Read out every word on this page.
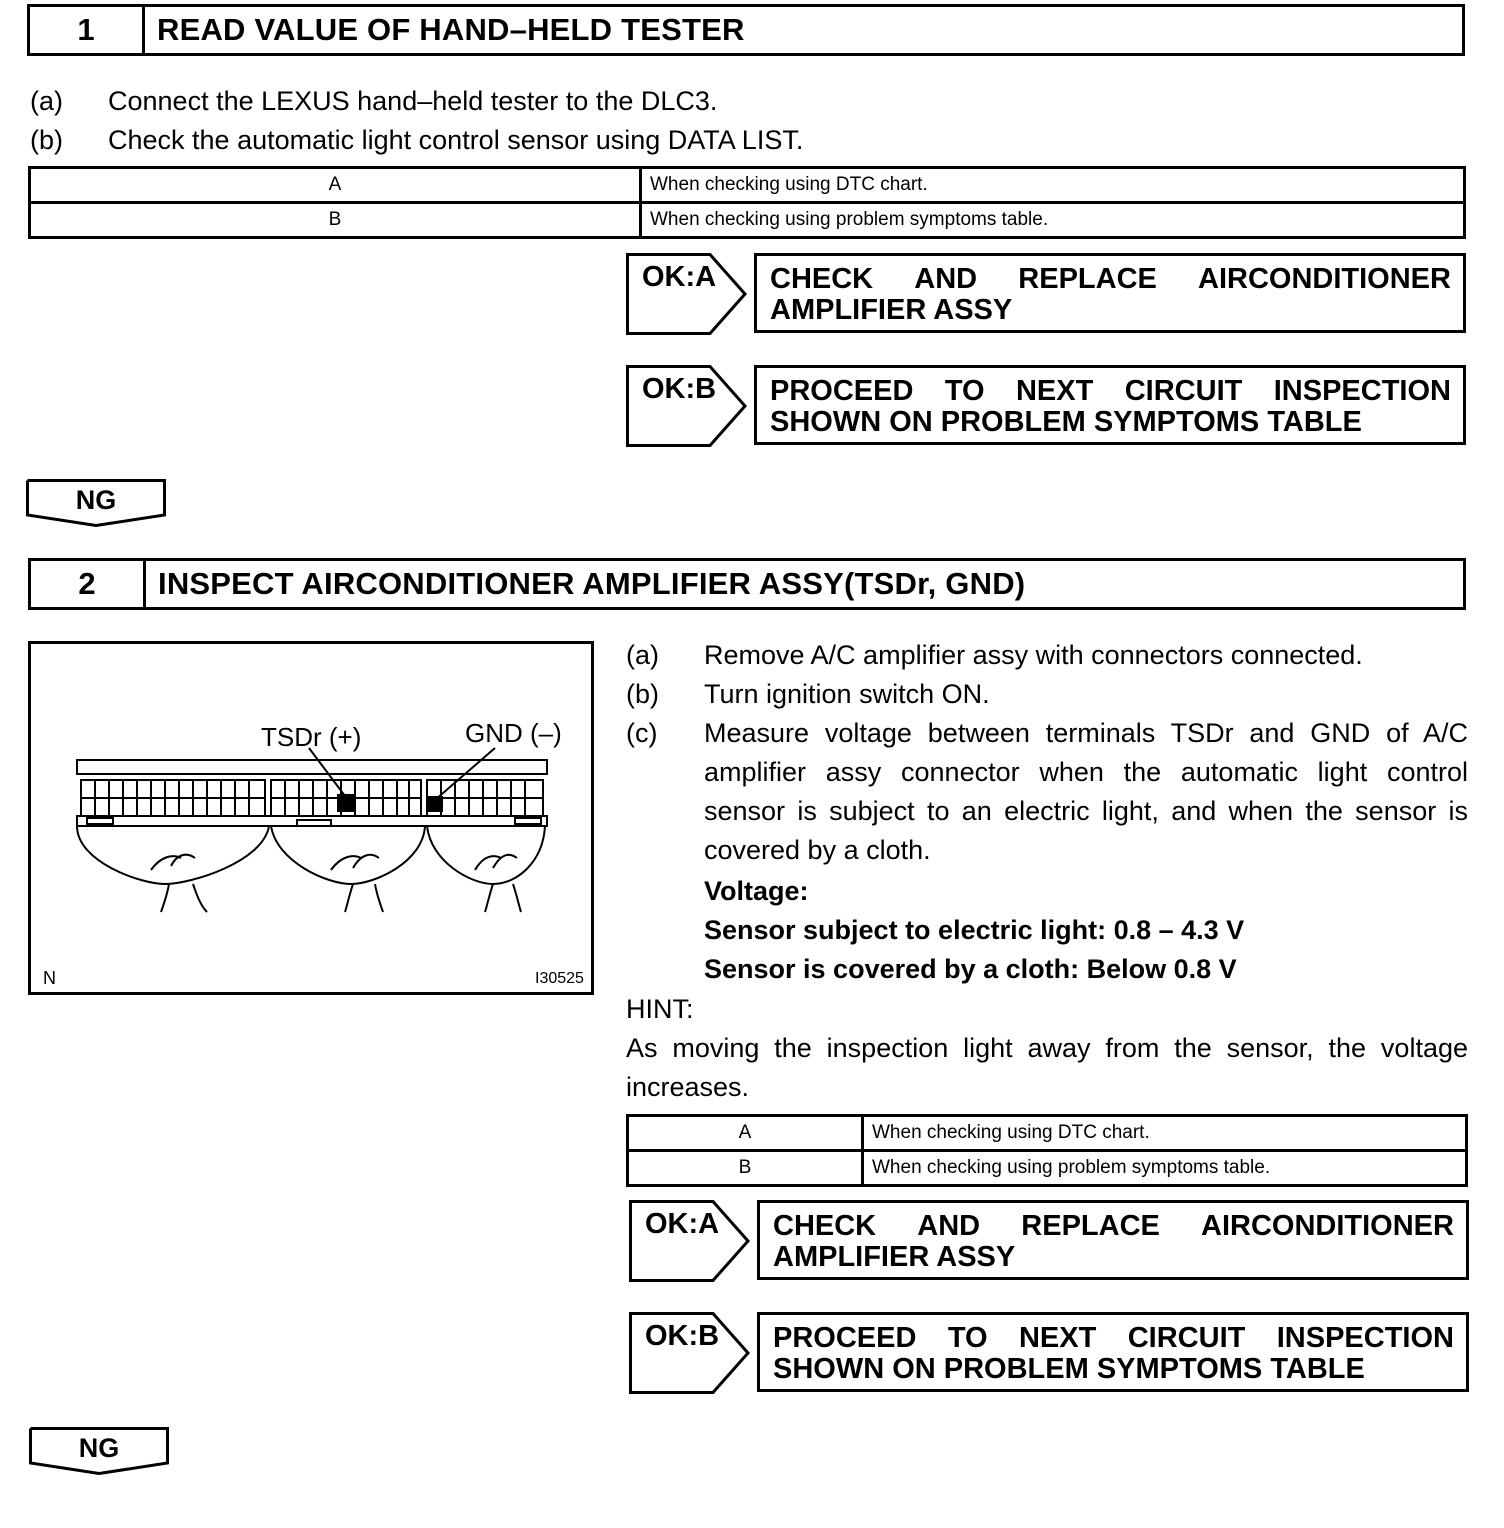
1	READ VALUE OF HAND–HELD TESTER
(a)	Connect the LEXUS hand–held tester to the DLC3.
(b)	Check the automatic light control sensor using DATA LIST.
A	When checking using DTC chart.
B	When checking using problem symptoms table.
OK:A CHECK AND REPLACE AIRCONDITIONER
AMPLIFIER ASSY
OK:B PROCEED TO NEXT CIRCUIT INSPECTION
SHOWN ON PROBLEM SYMPTOMS TABLE
NG
2	INSPECT AIRCONDITIONER AMPLIFIER ASSY(TSDr, GND)
TSDr (+)	GND (–)
N	I30525
(a)	Remove A/C amplifier assy with connectors connected.
(b)	Turn ignition switch ON.
(c)	Measure voltage between terminals TSDr and GND of A/C amplifier assy connector when the automatic light control sensor is subject to an electric light, and when the sensor is covered by a cloth.
Voltage:
Sensor subject to electric light: 0.8 – 4.3 V
Sensor is covered by a cloth: Below 0.8 V
HINT:
As moving the inspection light away from the sensor, the voltage increases.
A	When checking using DTC chart.
B	When checking using problem symptoms table.
OK:A CHECK AND REPLACE AIRCONDITIONER
AMPLIFIER ASSY
OK:B PROCEED TO NEXT CIRCUIT INSPECTION
SHOWN ON PROBLEM SYMPTOMS TABLE
NG
